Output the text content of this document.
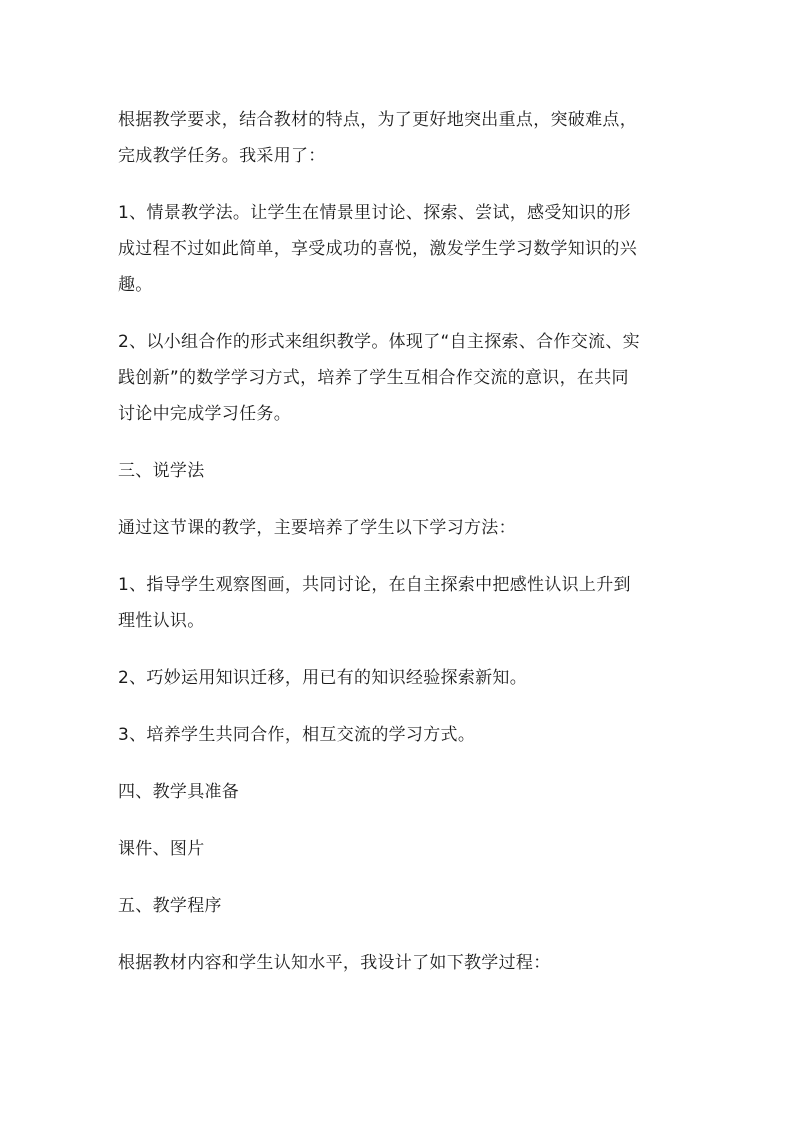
根据教学要求，结合教材的特点，为了更好地突出重点，突破难点，
完成教学任务。我采用了：

1、情景教学法。让学生在情景里讨论、探索、尝试，感受知识的形
成过程不过如此简单，享受成功的喜悦，激发学生学习数学知识的兴
趣。

2、以小组合作的形式来组织教学。体现了“自主探索、合作交流、实
践创新”的数学学习方式，培养了学生互相合作交流的意识，在共同
讨论中完成学习任务。

三、说学法

通过这节课的教学，主要培养了学生以下学习方法：

1、指导学生观察图画，共同讨论，在自主探索中把感性认识上升到
理性认识。

2、巧妙运用知识迁移，用已有的知识经验探索新知。

3、培养学生共同合作，相互交流的学习方式。

四、教学具准备

课件、图片

五、教学程序

根据教材内容和学生认知水平，我设计了如下教学过程：
